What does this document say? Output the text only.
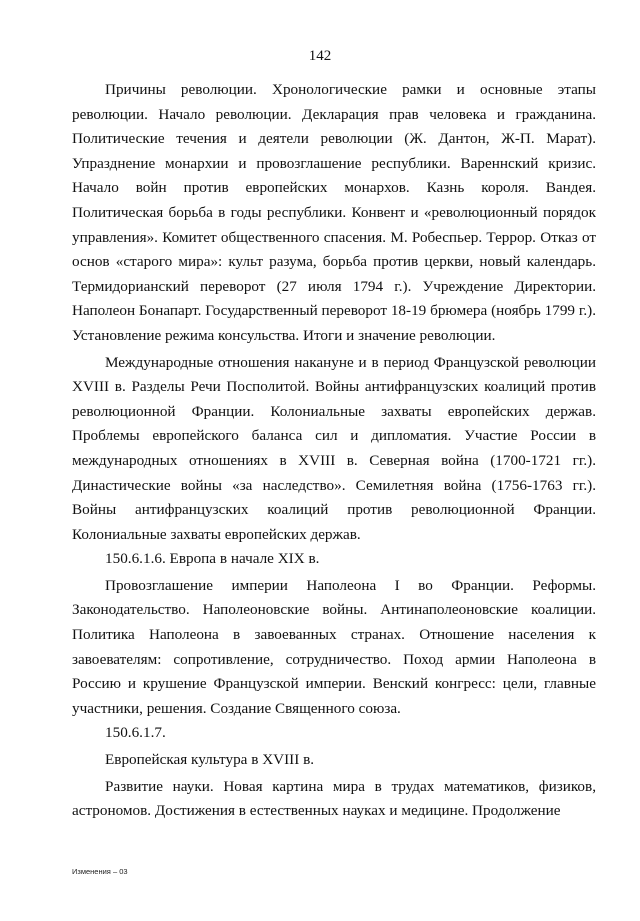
142

Причины революции. Хронологические рамки и основные этапы революции. Начало революции. Декларация прав человека и гражданина. Политические течения и деятели революции (Ж. Дантон, Ж-П. Марат). Упразднение монархии и провозглашение республики. Вареннский кризис. Начало войн против европейских монархов. Казнь короля. Вандея. Политическая борьба в годы республики. Конвент и «революционный порядок управления». Комитет общественного спасения. М. Робеспьер. Террор. Отказ от основ «старого мира»: культ разума, борьба против церкви, новый календарь. Термидорианский переворот (27 июля 1794 г.). Учреждение Директории. Наполеон Бонапарт. Государственный переворот 18-19 брюмера (ноябрь 1799 г.). Установление режима консульства. Итоги и значение революции.

Международные отношения накануне и в период Французской революции XVIII в. Разделы Речи Посполитой. Войны антифранцузских коалиций против революционной Франции. Колониальные захваты европейских держав. Проблемы европейского баланса сил и дипломатия. Участие России в международных отношениях в XVIII в. Северная война (1700-1721 гг.). Династические войны «за наследство». Семилетняя война (1756-1763 гг.). Войны антифранцузских коалиций против революционной Франции. Колониальные захваты европейских держав.

150.6.1.6. Европа в начале XIX в.

Провозглашение империи Наполеона I во Франции. Реформы. Законодательство. Наполеоновские войны. Антинаполеоновские коалиции. Политика Наполеона в завоеванных странах. Отношение населения к завоевателям: сопротивление, сотрудничество. Поход армии Наполеона в Россию и крушение Французской империи. Венский конгресс: цели, главные участники, решения. Создание Священного союза.

150.6.1.7.

Европейская культура в XVIII в.

Развитие науки. Новая картина мира в трудах математиков, физиков, астрономов. Достижения в естественных науках и медицине. Продолжение

Изменения – 03
